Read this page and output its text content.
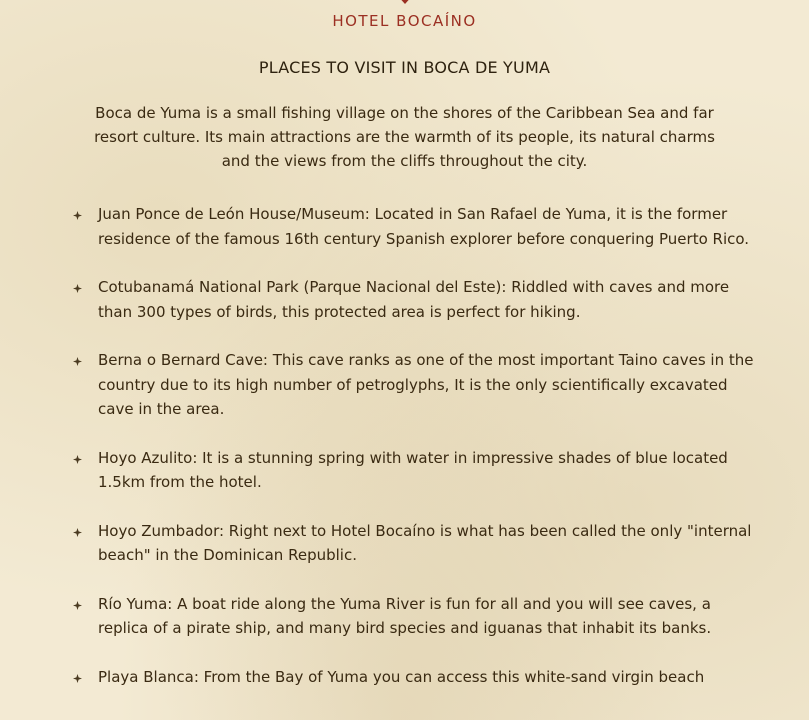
HOTEL BOCAÍNO
PLACES TO VISIT IN BOCA DE YUMA

Boca de Yuma is a small fishing village on the shores of the Caribbean Sea and far resort culture. Its main attractions are the warmth of its people, its natural charms and the views from the cliffs throughout the city.

Juan Ponce de León House/Museum: Located in San Rafael de Yuma, it is the former residence of the famous 16th century Spanish explorer before conquering Puerto Rico.
Cotubanamá National Park (Parque Nacional del Este): Riddled with caves and more than 300 types of birds, this protected area is perfect for hiking.
Berna o Bernard Cave: This cave ranks as one of the most important Taino caves in the country due to its high number of petroglyphs, It is the only scientifically excavated cave in the area.
Hoyo Azulito: It is a stunning spring with water in impressive shades of blue located 1.5km from the hotel.
Hoyo Zumbador: Right next to Hotel Bocaíno is what has been called the only "internal beach" in the Dominican Republic.
Río Yuma: A boat ride along the Yuma River is fun for all and you will see caves, a replica of a pirate ship, and many bird species and iguanas that inhabit its banks.
Playa Blanca: From the Bay of Yuma you can access this white-sand virgin beach
